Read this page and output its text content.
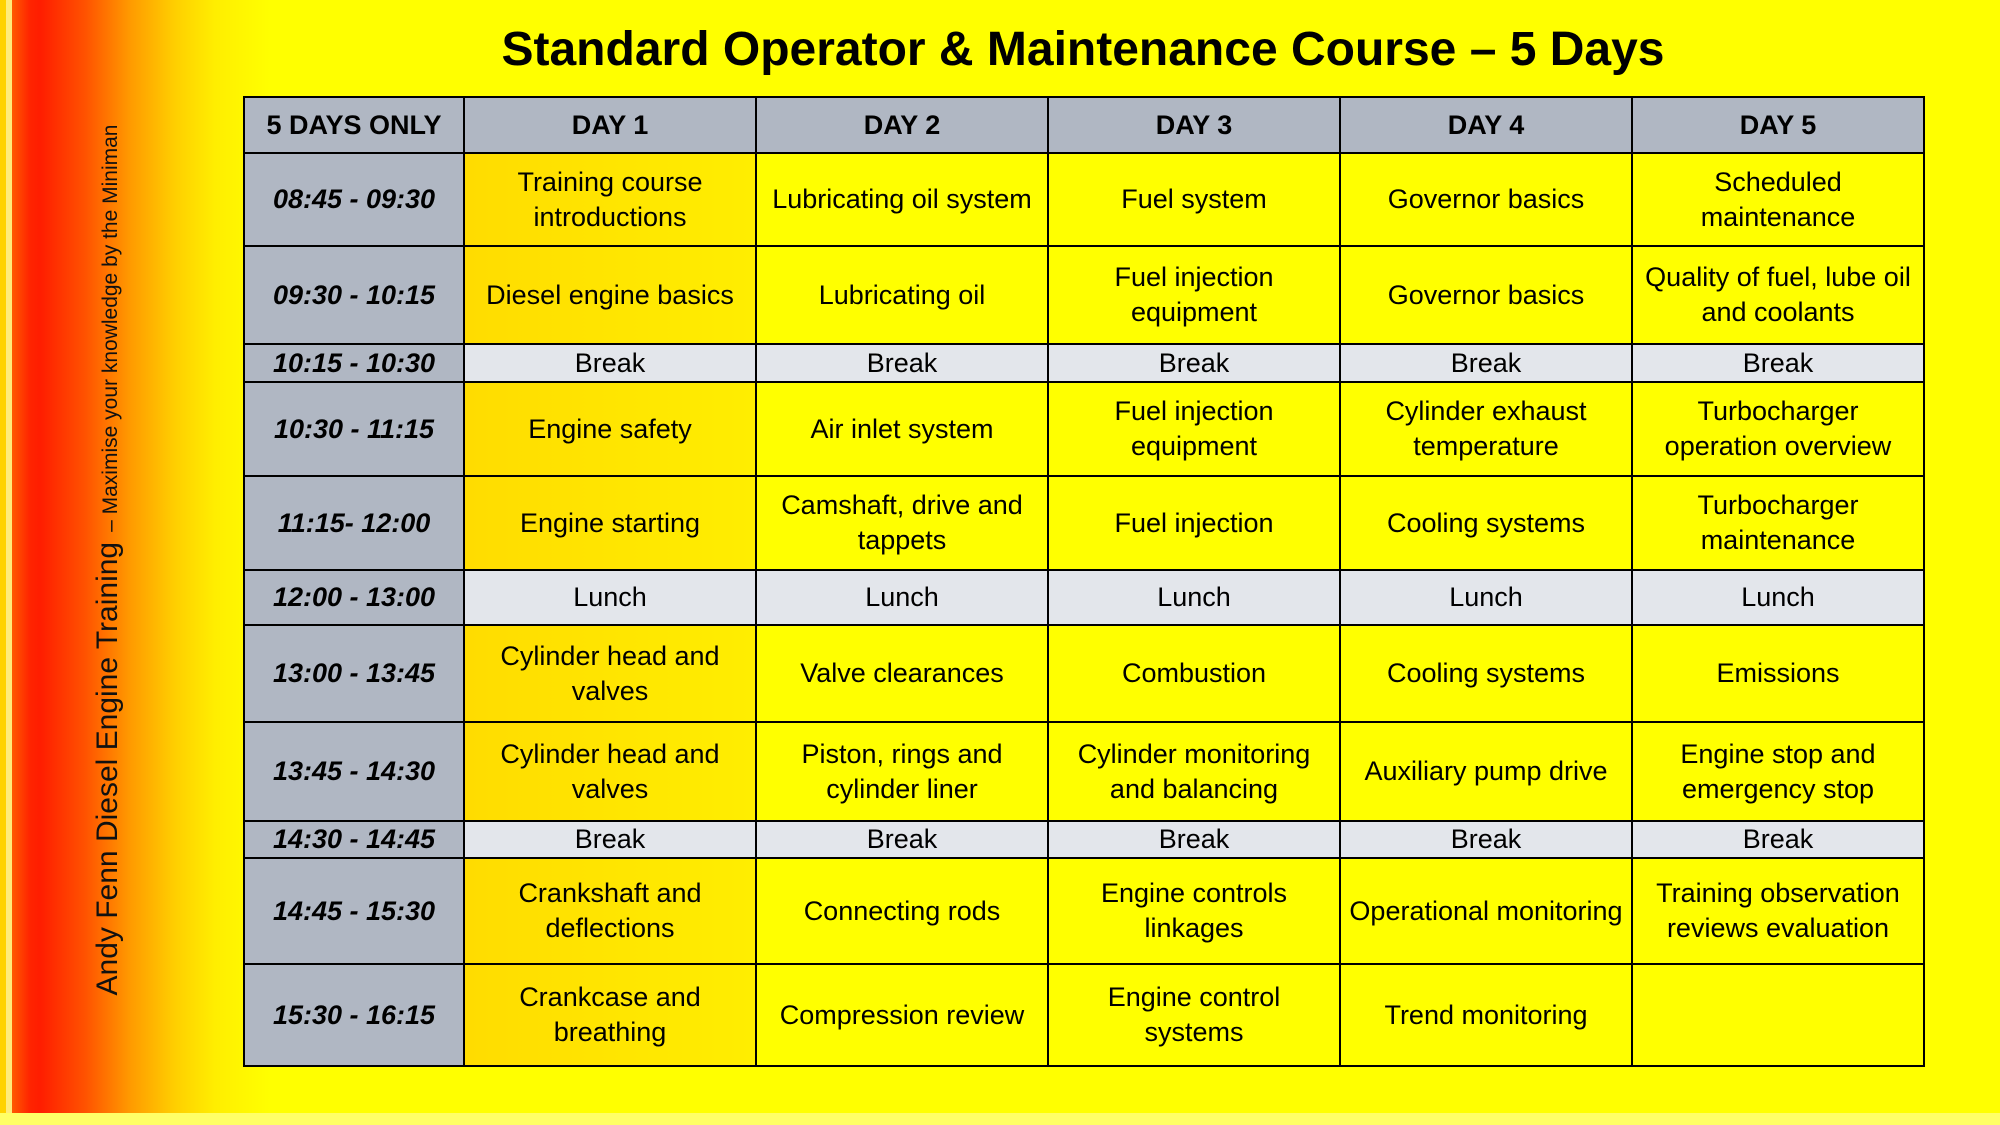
Andy Fenn Diesel Engine Training
– Maximise your knowledge by the Miniman
Standard Operator & Maintenance Course – 5 Days
5 DAYS ONLY	DAY 1	DAY 2	DAY 3	DAY 4	DAY 5
08:45 - 09:30	Training course introductions	Lubricating oil system	Fuel system	Governor basics	Scheduled maintenance
09:30 - 10:15	Diesel engine basics	Lubricating oil	Fuel injection equipment	Governor basics	Quality of fuel, lube oil and coolants
10:15 - 10:30	Break	Break	Break	Break	Break
10:30 - 11:15	Engine safety	Air inlet system	Fuel injection equipment	Cylinder exhaust temperature	Turbocharger operation overview
11:15- 12:00	Engine starting	Camshaft, drive and tappets	Fuel injection	Cooling systems	Turbocharger maintenance
12:00 - 13:00	Lunch	Lunch	Lunch	Lunch	Lunch
13:00 - 13:45	Cylinder head and valves	Valve clearances	Combustion	Cooling systems	Emissions
13:45 - 14:30	Cylinder head and valves	Piston, rings and cylinder liner	Cylinder monitoring and balancing	Auxiliary pump drive	Engine stop and emergency stop
14:30 - 14:45	Break	Break	Break	Break	Break
14:45 - 15:30	Crankshaft and deflections	Connecting rods	Engine controls linkages	Operational monitoring	Training observation reviews evaluation
15:30 - 16:15	Crankcase and breathing	Compression review	Engine control systems	Trend monitoring	
